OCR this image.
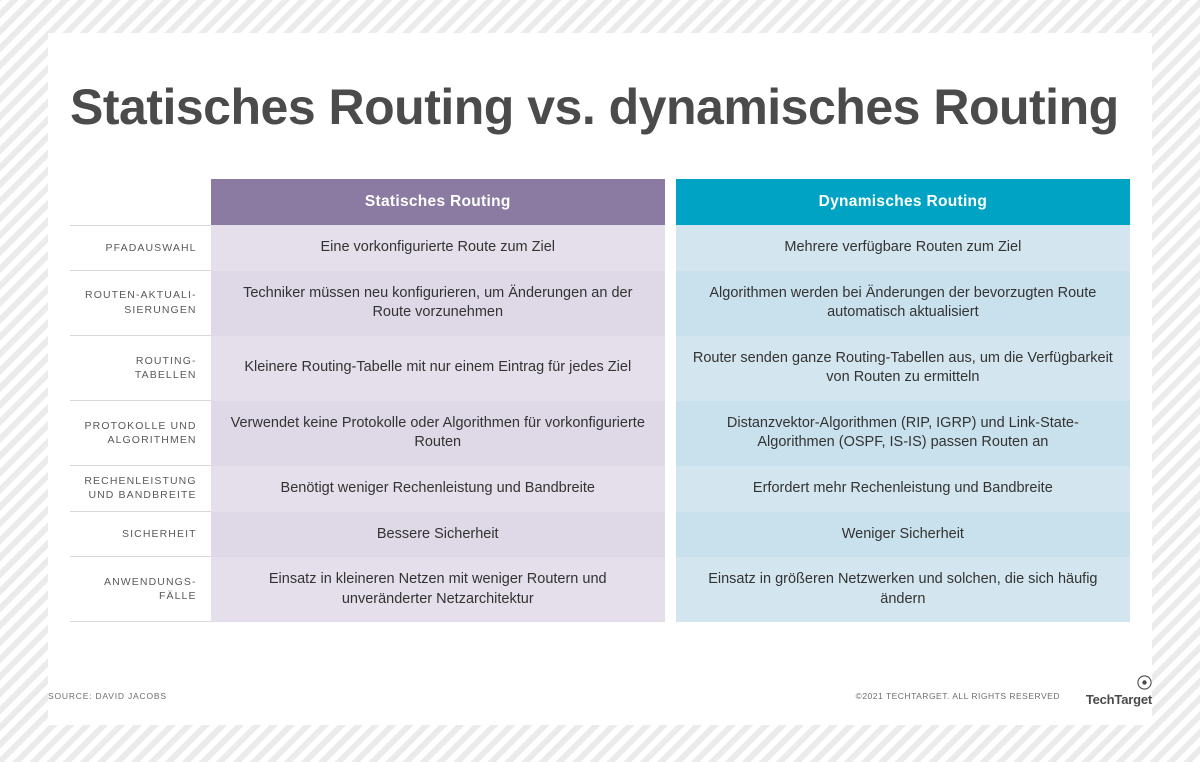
Statisches Routing vs. dynamisches Routing
	Statisches Routing		Dynamisches Routing
PFADAUSWAHL	Eine vorkonfigurierte Route zum Ziel		Mehrere verfügbare Routen zum Ziel
ROUTEN-AKTUALI-
SIERUNGEN	Techniker müssen neu konfigurieren, um Änderungen an der Route vorzunehmen		Algorithmen werden bei Änderungen der bevorzugten Route automatisch aktualisiert
ROUTING-
TABELLEN	Kleinere Routing-Tabelle mit nur einem Eintrag für jedes Ziel		Router senden ganze Routing-Tabellen aus, um die Verfügbarkeit von Routen zu ermitteln
PROTOKOLLE UND ALGORITHMEN	Verwendet keine Protokolle oder Algorithmen für vorkonfigurierte Routen		Distanzvektor-Algorithmen (RIP, IGRP) und Link-State-Algorithmen (OSPF, IS-IS) passen Routen an
RECHENLEISTUNG UND BANDBREITE	Benötigt weniger Rechenleistung und Bandbreite		Erfordert mehr Rechenleistung und Bandbreite
SICHERHEIT	Bessere Sicherheit		Weniger Sicherheit
ANWENDUNGS-
FÄLLE	Einsatz in kleineren Netzen mit weniger Routern und unveränderter Netzarchitektur		Einsatz in größeren Netzwerken und solchen, die sich häufig ändern
SOURCE: DAVID JACOBS	©2021 TECHTARGET. ALL RIGHTS RESERVED	TechTarget
